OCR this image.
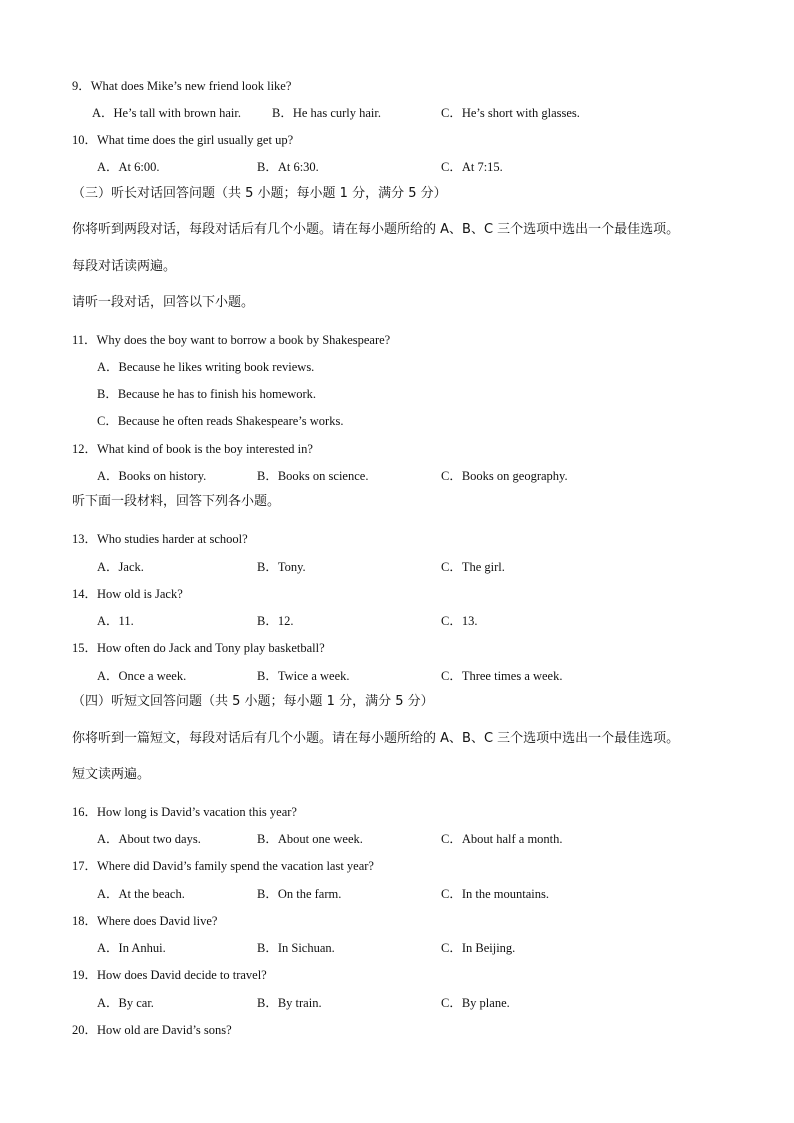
9．What does Mike’s new friend look like?
A．He’s tall with brown hair. B．He has curly hair.	C．He’s short with glasses.
10．What time does the girl usually get up?
A．At 6:00.	B．At 6:30.	C．At 7:15.
（三）听长对话回答问题（共 5 小题；每小题 1 分，满分 5 分）
你将听到两段对话，每段对话后有几个小题。请在每小题所给的 A、B、C 三个选项中选出一个最佳选项。
每段对话读两遍。
请听一段对话，回答以下小题。
11．Why does the boy want to borrow a book by Shakespeare?
A．Because he likes writing book reviews.
B．Because he has to finish his homework.
C．Because he often reads Shakespeare’s works.
12．What kind of book is the boy interested in?
A．Books on history.	B．Books on science.	C．Books on geography.
听下面一段材料，回答下列各小题。
13．Who studies harder at school?
A．Jack.	B．Tony.	C．The girl.
14．How old is Jack?
A．11.	B．12.	C．13.
15．How often do Jack and Tony play basketball?
A．Once a week.	B．Twice a week.	C．Three times a week.
（四）听短文回答问题（共 5 小题；每小题 1 分，满分 5 分）
你将听到一篇短文，每段对话后有几个小题。请在每小题所给的 A、B、C 三个选项中选出一个最佳选项。
短文读两遍。
16．How long is David’s vacation this year?
A．About two days.	B．About one week.	C．About half a month.
17．Where did David’s family spend the vacation last year?
A．At the beach.	B．On the farm.	C．In the mountains.
18．Where does David live?
A．In Anhui.	B．In Sichuan.	C．In Beijing.
19．How does David decide to travel?
A．By car.	B．By train.	C．By plane.
20．How old are David’s sons?
